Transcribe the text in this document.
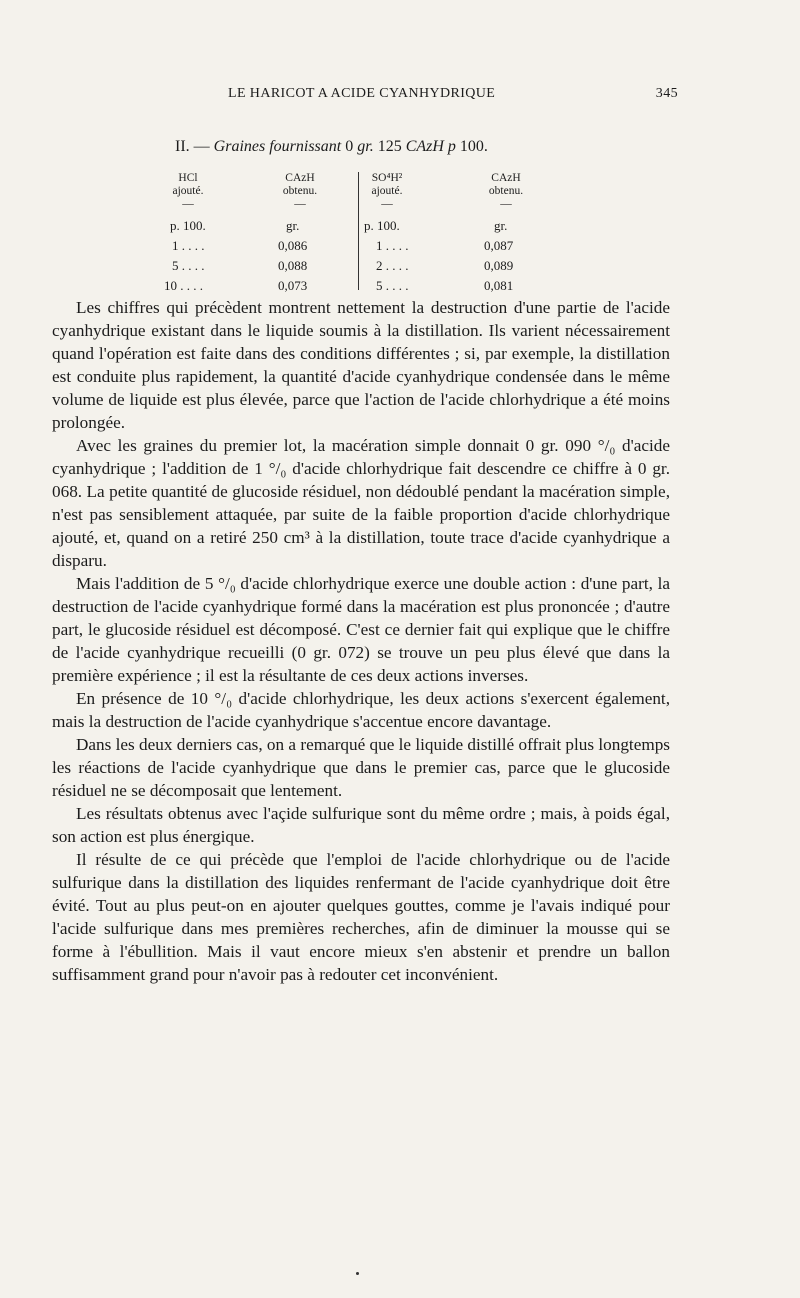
LE HARICOT A ACIDE CYANHYDRIQUE	345
II. — Graines fournissant 0 gr. 125 CAzH p 100.
HCl
ajouté.
—
CAzH
obtenu.
—
p. 100.	gr.
1 . . . .	0,086
5 . . . .	0,088
10 . . . .	0,073
SO⁴H²
ajouté.
—
CAzH
obtenu.
—
p. 100.	gr.
1 . . . .	0,087
2 . . . .	0,089
5 . . . .	0,081

Les chiffres qui précèdent montrent nettement la destruction d'une partie de l'acide cyanhydrique existant dans le liquide soumis à la distillation. Ils varient nécessairement quand l'opération est faite dans des conditions différentes ; si, par exemple, la distillation est conduite plus rapidement, la quantité d'acide cyanhydrique condensée dans le même volume de liquide est plus élevée, parce que l'action de l'acide chlorhydrique a été moins prolongée.

Avec les graines du premier lot, la macération simple donnait 0 gr. 090 °/₀ d'acide cyanhydrique ; l'addition de 1 °/₀ d'acide chlorhydrique fait descendre ce chiffre à 0 gr. 068. La petite quantité de glucoside résiduel, non dédoublé pendant la macération simple, n'est pas sensiblement attaquée, par suite de la faible proportion d'acide chlorhydrique ajouté, et, quand on a retiré 250 cm³ à la distillation, toute trace d'acide cyanhydrique a disparu.

Mais l'addition de 5 °/₀ d'acide chlorhydrique exerce une double action : d'une part, la destruction de l'acide cyanhydrique formé dans la macération est plus prononcée ; d'autre part, le glucoside résiduel est décomposé. C'est ce dernier fait qui explique que le chiffre de l'acide cyanhydrique recueilli (0 gr. 072) se trouve un peu plus élevé que dans la première expérience ; il est la résultante de ces deux actions inverses.

En présence de 10 °/₀ d'acide chlorhydrique, les deux actions s'exercent également, mais la destruction de l'acide cyanhydrique s'accentue encore davantage.

Dans les deux derniers cas, on a remarqué que le liquide distillé offrait plus longtemps les réactions de l'acide cyanhydrique que dans le premier cas, parce que le glucoside résiduel ne se décomposait que lentement.

Les résultats obtenus avec l'açide sulfurique sont du même ordre ; mais, à poids égal, son action est plus énergique.

Il résulte de ce qui précède que l'emploi de l'acide chlorhydrique ou de l'acide sulfurique dans la distillation des liquides renfermant de l'acide cyanhydrique doit être évité. Tout au plus peut-on en ajouter quelques gouttes, comme je l'avais indiqué pour l'acide sulfurique dans mes premières recherches, afin de diminuer la mousse qui se forme à l'ébullition. Mais il vaut encore mieux s'en abstenir et prendre un ballon suffisamment grand pour n'avoir pas à redouter cet inconvénient.
